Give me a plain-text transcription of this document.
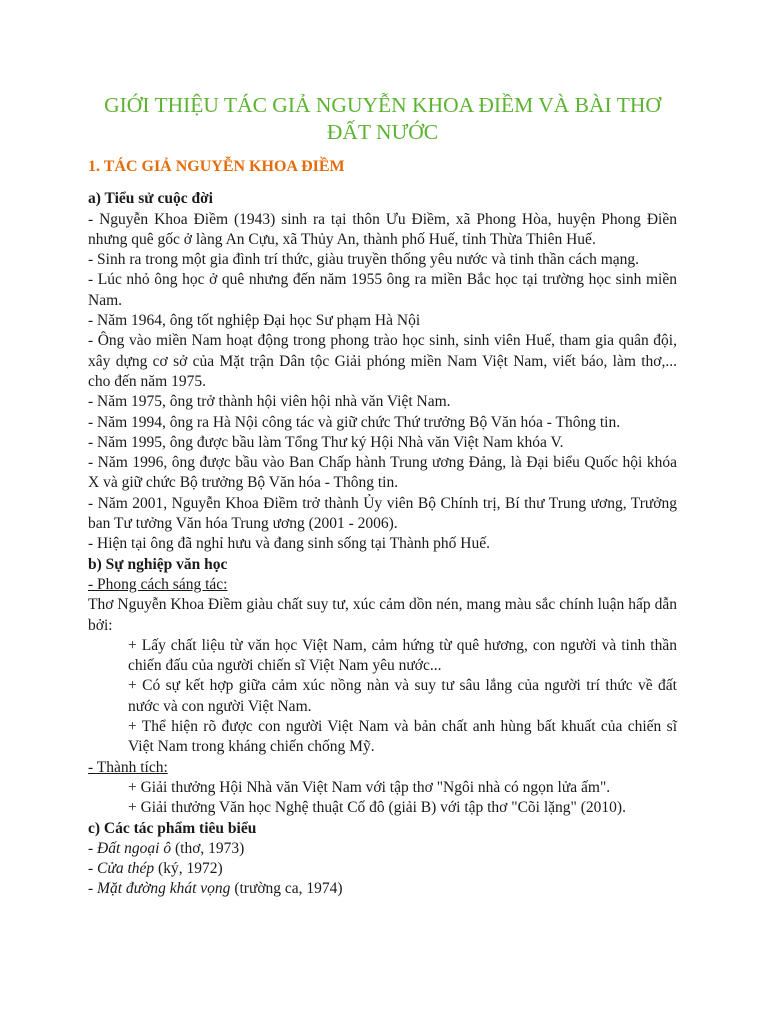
GIỚI THIỆU TÁC GIẢ NGUYỄN KHOA ĐIỀM VÀ BÀI THƠ ĐẤT NƯỚC
1. TÁC GIẢ NGUYỄN KHOA ĐIỀM
a) Tiểu sử cuộc đời

- Nguyễn Khoa Điềm (1943) sinh ra tại thôn Ưu Điềm, xã Phong Hòa, huyện Phong Điền nhưng quê gốc ở làng An Cựu, xã Thủy An, thành phố Huế, tỉnh Thừa Thiên Huế.

- Sinh ra trong một gia đình trí thức, giàu truyền thống yêu nước và tinh thần cách mạng.

- Lúc nhỏ ông học ở quê nhưng đến năm 1955 ông ra miền Bắc học tại trường học sinh miền Nam.

- Năm 1964, ông tốt nghiệp Đại học Sư phạm Hà Nội

- Ông vào miền Nam hoạt động trong phong trào học sinh, sinh viên Huế, tham gia quân đội, xây dựng cơ sở của Mặt trận Dân tộc Giải phóng miền Nam Việt Nam, viết báo, làm thơ,... cho đến năm 1975.

- Năm 1975, ông trở thành hội viên hội nhà văn Việt Nam.

- Năm 1994, ông ra Hà Nội công tác và giữ chức Thứ trưởng Bộ Văn hóa - Thông tin.

- Năm 1995, ông được bầu làm Tổng Thư ký Hội Nhà văn Việt Nam khóa V.

- Năm 1996, ông được bầu vào Ban Chấp hành Trung ương Đảng, là Đại biểu Quốc hội khóa X và giữ chức Bộ trưởng Bộ Văn hóa - Thông tin.

- Năm 2001, Nguyễn Khoa Điềm trở thành Ủy viên Bộ Chính trị, Bí thư Trung ương, Trưởng ban Tư tưởng Văn hóa Trung ương (2001 - 2006).

- Hiện tại ông đã nghỉ hưu và đang sinh sống tại Thành phố Huế.

b) Sự nghiệp văn học

- Phong cách sáng tác:

Thơ Nguyễn Khoa Điềm giàu chất suy tư, xúc cảm dồn nén, mang màu sắc chính luận hấp dẫn bởi:

+ Lấy chất liệu từ văn học Việt Nam, cảm hứng từ quê hương, con người và tinh thần chiến đấu của người chiến sĩ Việt Nam yêu nước...

+ Có sự kết hợp giữa cảm xúc nồng nàn và suy tư sâu lắng của người trí thức về đất nước và con người Việt Nam.

+ Thể hiện rõ được con người Việt Nam và bản chất anh hùng bất khuất của chiến sĩ Việt Nam trong kháng chiến chống Mỹ.

- Thành tích:

+ Giải thưởng Hội Nhà văn Việt Nam với tập thơ "Ngôi nhà có ngọn lửa ấm".

+ Giải thưởng Văn học Nghệ thuật Cố đô (giải B) với tập thơ "Cõi lặng" (2010).

c) Các tác phẩm tiêu biểu

- Đất ngoại ô (thơ, 1973)

- Cửa thép (ký, 1972)

- Mặt đường khát vọng (trường ca, 1974)
